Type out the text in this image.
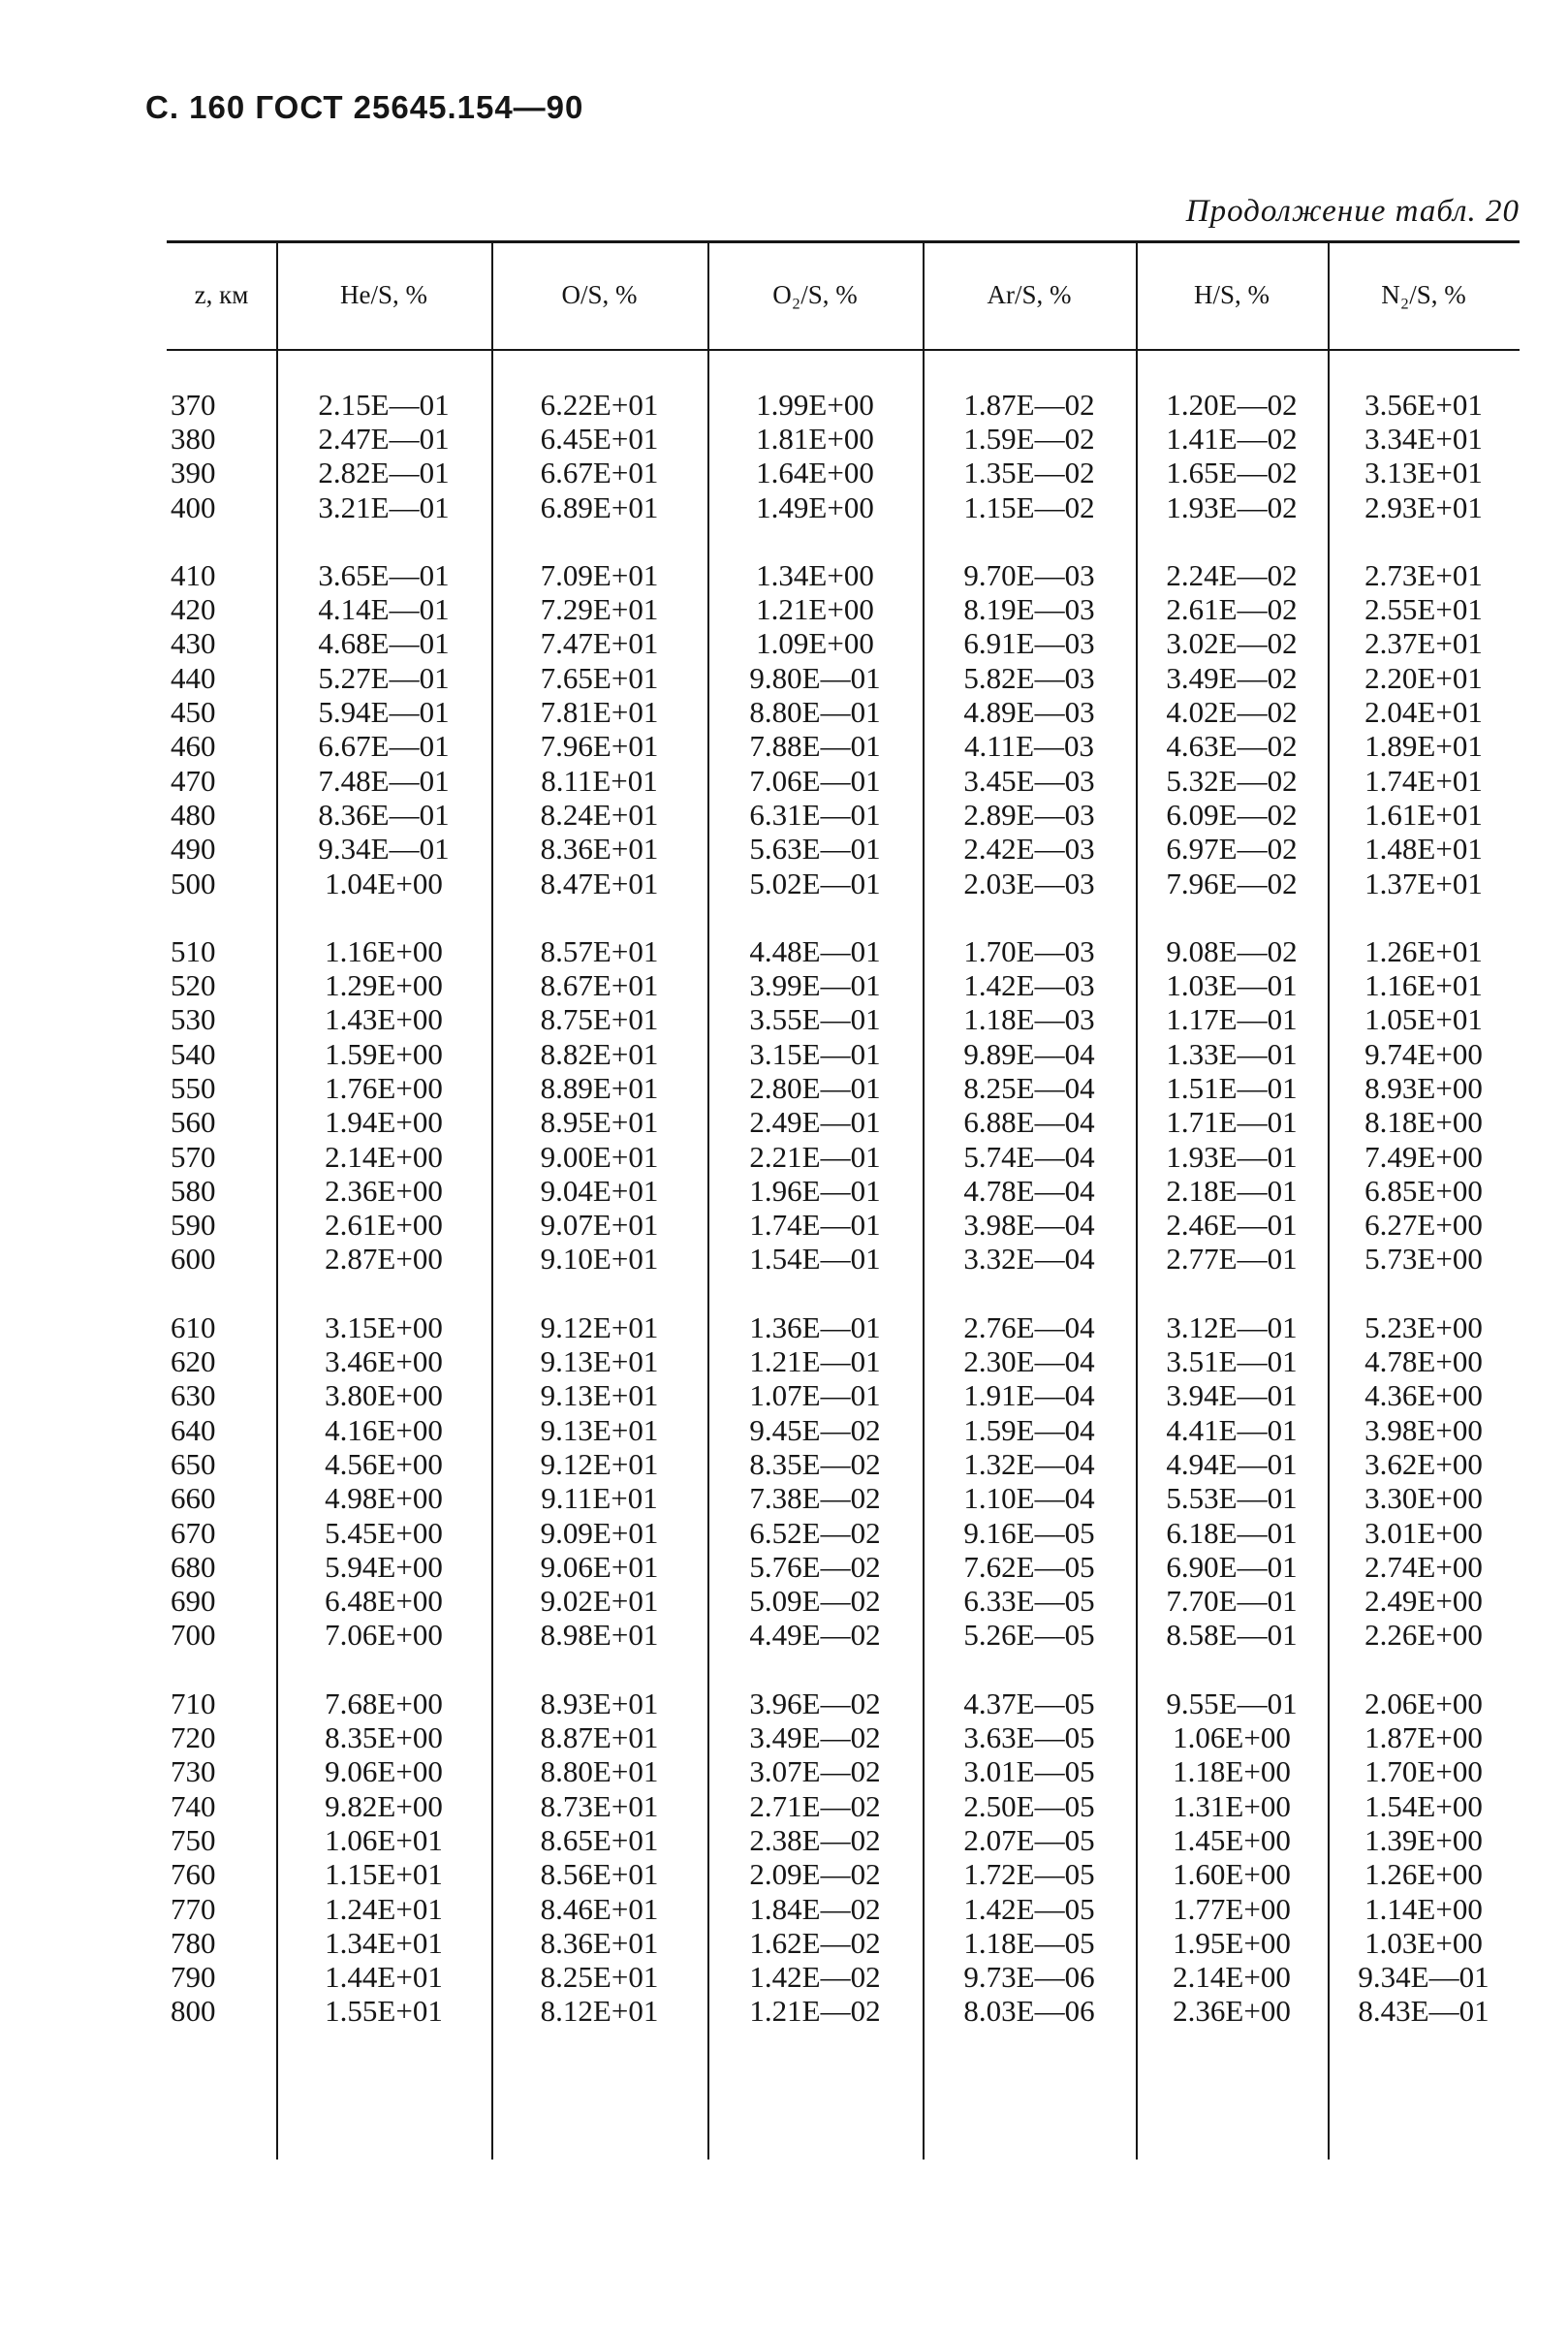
С. 160 ГОСТ 25645.154—90
Продолжение табл. 20
z, км	He/S, %	O/S, %	O₂/S, %	Ar/S, %	H/S, %	N₂/S, %
370	2.15E—01	6.22E+01	1.99E+00	1.87E—02	1.20E—02	3.56E+01
380	2.47E—01	6.45E+01	1.81E+00	1.59E—02	1.41E—02	3.34E+01
390	2.82E—01	6.67E+01	1.64E+00	1.35E—02	1.65E—02	3.13E+01
400	3.21E—01	6.89E+01	1.49E+00	1.15E—02	1.93E—02	2.93E+01
410	3.65E—01	7.09E+01	1.34E+00	9.70E—03	2.24E—02	2.73E+01
420	4.14E—01	7.29E+01	1.21E+00	8.19E—03	2.61E—02	2.55E+01
430	4.68E—01	7.47E+01	1.09E+00	6.91E—03	3.02E—02	2.37E+01
440	5.27E—01	7.65E+01	9.80E—01	5.82E—03	3.49E—02	2.20E+01
450	5.94E—01	7.81E+01	8.80E—01	4.89E—03	4.02E—02	2.04E+01
460	6.67E—01	7.96E+01	7.88E—01	4.11E—03	4.63E—02	1.89E+01
470	7.48E—01	8.11E+01	7.06E—01	3.45E—03	5.32E—02	1.74E+01
480	8.36E—01	8.24E+01	6.31E—01	2.89E—03	6.09E—02	1.61E+01
490	9.34E—01	8.36E+01	5.63E—01	2.42E—03	6.97E—02	1.48E+01
500	1.04E+00	8.47E+01	5.02E—01	2.03E—03	7.96E—02	1.37E+01
510	1.16E+00	8.57E+01	4.48E—01	1.70E—03	9.08E—02	1.26E+01
520	1.29E+00	8.67E+01	3.99E—01	1.42E—03	1.03E—01	1.16E+01
530	1.43E+00	8.75E+01	3.55E—01	1.18E—03	1.17E—01	1.05E+01
540	1.59E+00	8.82E+01	3.15E—01	9.89E—04	1.33E—01	9.74E+00
550	1.76E+00	8.89E+01	2.80E—01	8.25E—04	1.51E—01	8.93E+00
560	1.94E+00	8.95E+01	2.49E—01	6.88E—04	1.71E—01	8.18E+00
570	2.14E+00	9.00E+01	2.21E—01	5.74E—04	1.93E—01	7.49E+00
580	2.36E+00	9.04E+01	1.96E—01	4.78E—04	2.18E—01	6.85E+00
590	2.61E+00	9.07E+01	1.74E—01	3.98E—04	2.46E—01	6.27E+00
600	2.87E+00	9.10E+01	1.54E—01	3.32E—04	2.77E—01	5.73E+00
610	3.15E+00	9.12E+01	1.36E—01	2.76E—04	3.12E—01	5.23E+00
620	3.46E+00	9.13E+01	1.21E—01	2.30E—04	3.51E—01	4.78E+00
630	3.80E+00	9.13E+01	1.07E—01	1.91E—04	3.94E—01	4.36E+00
640	4.16E+00	9.13E+01	9.45E—02	1.59E—04	4.41E—01	3.98E+00
650	4.56E+00	9.12E+01	8.35E—02	1.32E—04	4.94E—01	3.62E+00
660	4.98E+00	9.11E+01	7.38E—02	1.10E—04	5.53E—01	3.30E+00
670	5.45E+00	9.09E+01	6.52E—02	9.16E—05	6.18E—01	3.01E+00
680	5.94E+00	9.06E+01	5.76E—02	7.62E—05	6.90E—01	2.74E+00
690	6.48E+00	9.02E+01	5.09E—02	6.33E—05	7.70E—01	2.49E+00
700	7.06E+00	8.98E+01	4.49E—02	5.26E—05	8.58E—01	2.26E+00
710	7.68E+00	8.93E+01	3.96E—02	4.37E—05	9.55E—01	2.06E+00
720	8.35E+00	8.87E+01	3.49E—02	3.63E—05	1.06E+00	1.87E+00
730	9.06E+00	8.80E+01	3.07E—02	3.01E—05	1.18E+00	1.70E+00
740	9.82E+00	8.73E+01	2.71E—02	2.50E—05	1.31E+00	1.54E+00
750	1.06E+01	8.65E+01	2.38E—02	2.07E—05	1.45E+00	1.39E+00
760	1.15E+01	8.56E+01	2.09E—02	1.72E—05	1.60E+00	1.26E+00
770	1.24E+01	8.46E+01	1.84E—02	1.42E—05	1.77E+00	1.14E+00
780	1.34E+01	8.36E+01	1.62E—02	1.18E—05	1.95E+00	1.03E+00
790	1.44E+01	8.25E+01	1.42E—02	9.73E—06	2.14E+00	9.34E—01
800	1.55E+01	8.12E+01	1.21E—02	8.03E—06	2.36E+00	8.43E—01
